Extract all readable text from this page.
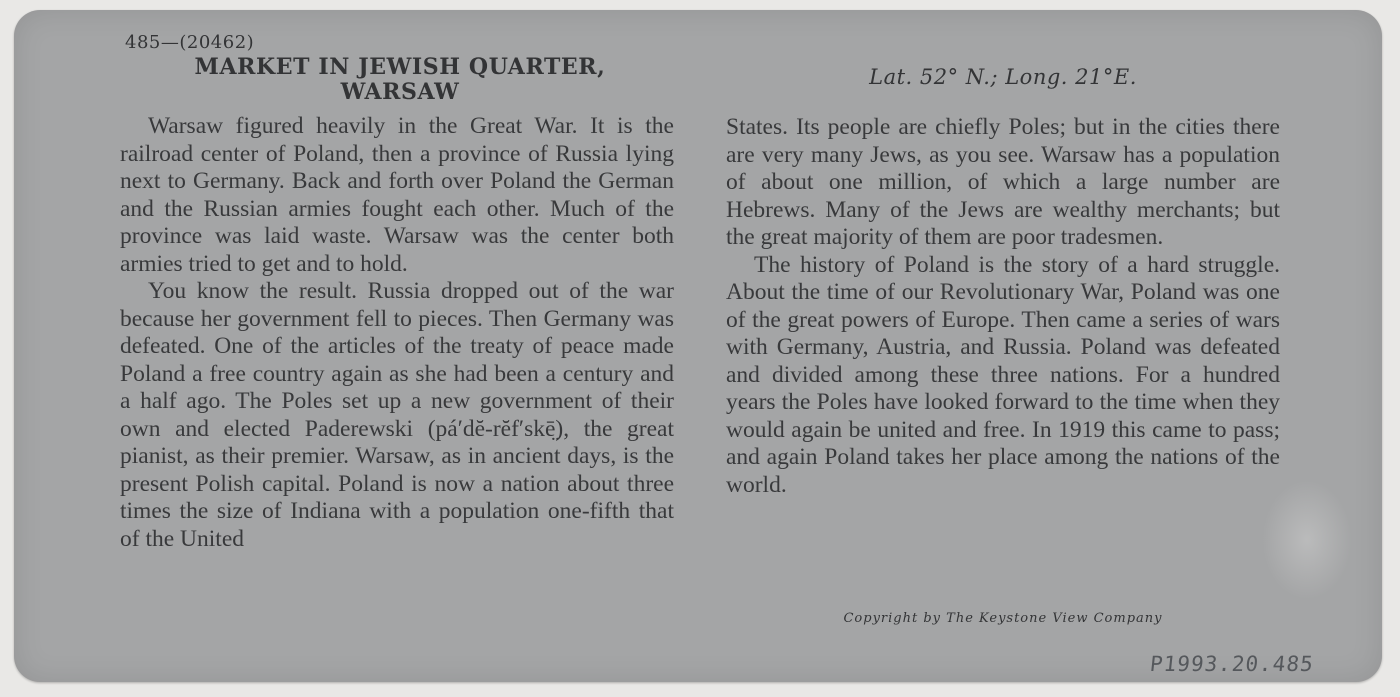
485—(20462)
MARKET IN JEWISH QUARTER,
WARSAW
Lat. 52° N.; Long. 21°E.

Warsaw figured heavily in the Great War. It is the railroad center of Poland, then a province of Russia lying next to Germany. Back and forth over Poland the German and the Russian armies fought each other. Much of the province was laid waste. Warsaw was the center both armies tried to get and to hold.

You know the result. Russia dropped out of the war because her government fell to pieces. Then Germany was defeated. One of the articles of the treaty of peace made Poland a free country again as she had been a century and a half ago. The Poles set up a new government of their own and elected Paderewski (pá′dĕ-rĕf′skē̤), the great pianist, as their premier. Warsaw, as in ancient days, is the present Polish capital. Poland is now a nation about three times the size of Indiana with a population one-fifth that of the United

States. Its people are chiefly Poles; but in the cities there are very many Jews, as you see. Warsaw has a population of about one million, of which a large number are Hebrews. Many of the Jews are wealthy merchants; but the great majority of them are poor tradesmen.

The history of Poland is the story of a hard struggle. About the time of our Revolutionary War, Poland was one of the great powers of Europe. Then came a series of wars with Germany, Austria, and Russia. Poland was defeated and divided among these three nations. For a hundred years the Poles have looked forward to the time when they would again be united and free. In 1919 this came to pass; and again Poland takes her place among the nations of the world.

Copyright by The Keystone View Company
P1993.20.485
